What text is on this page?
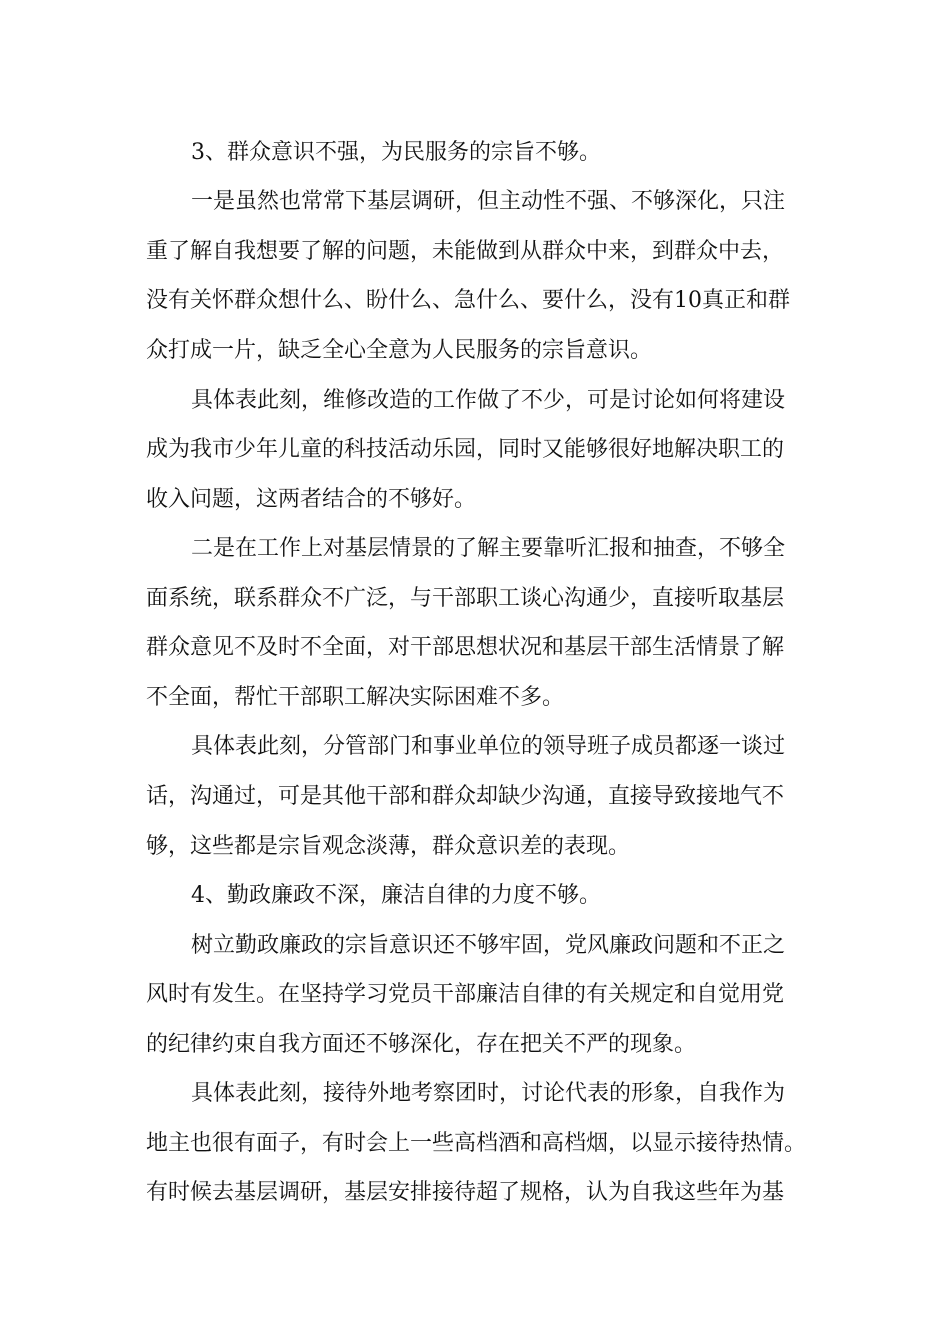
3、群众意识不强，为民服务的宗旨不够。
一是虽然也常常下基层调研，但主动性不强、不够深化，只注
重了解自我想要了解的问题，未能做到从群众中来，到群众中去，
没有关怀群众想什么、盼什么、急什么、要什么，没有10真正和群
众打成一片，缺乏全心全意为人民服务的宗旨意识。
具体表此刻，维修改造的工作做了不少，可是讨论如何将建设
成为我市少年儿童的科技活动乐园，同时又能够很好地解决职工的
收入问题，这两者结合的不够好。
二是在工作上对基层情景的了解主要靠听汇报和抽查，不够全
面系统，联系群众不广泛，与干部职工谈心沟通少，直接听取基层
群众意见不及时不全面，对干部思想状况和基层干部生活情景了解
不全面，帮忙干部职工解决实际困难不多。
具体表此刻，分管部门和事业单位的领导班子成员都逐一谈过
话，沟通过，可是其他干部和群众却缺少沟通，直接导致接地气不
够，这些都是宗旨观念淡薄，群众意识差的表现。
4、勤政廉政不深，廉洁自律的力度不够。
树立勤政廉政的宗旨意识还不够牢固，党风廉政问题和不正之
风时有发生。在坚持学习党员干部廉洁自律的有关规定和自觉用党
的纪律约束自我方面还不够深化，存在把关不严的现象。
具体表此刻，接待外地考察团时，讨论代表的形象，自我作为
地主也很有面子，有时会上一些高档酒和高档烟，以显示接待热情。
有时候去基层调研，基层安排接待超了规格，认为自我这些年为基
